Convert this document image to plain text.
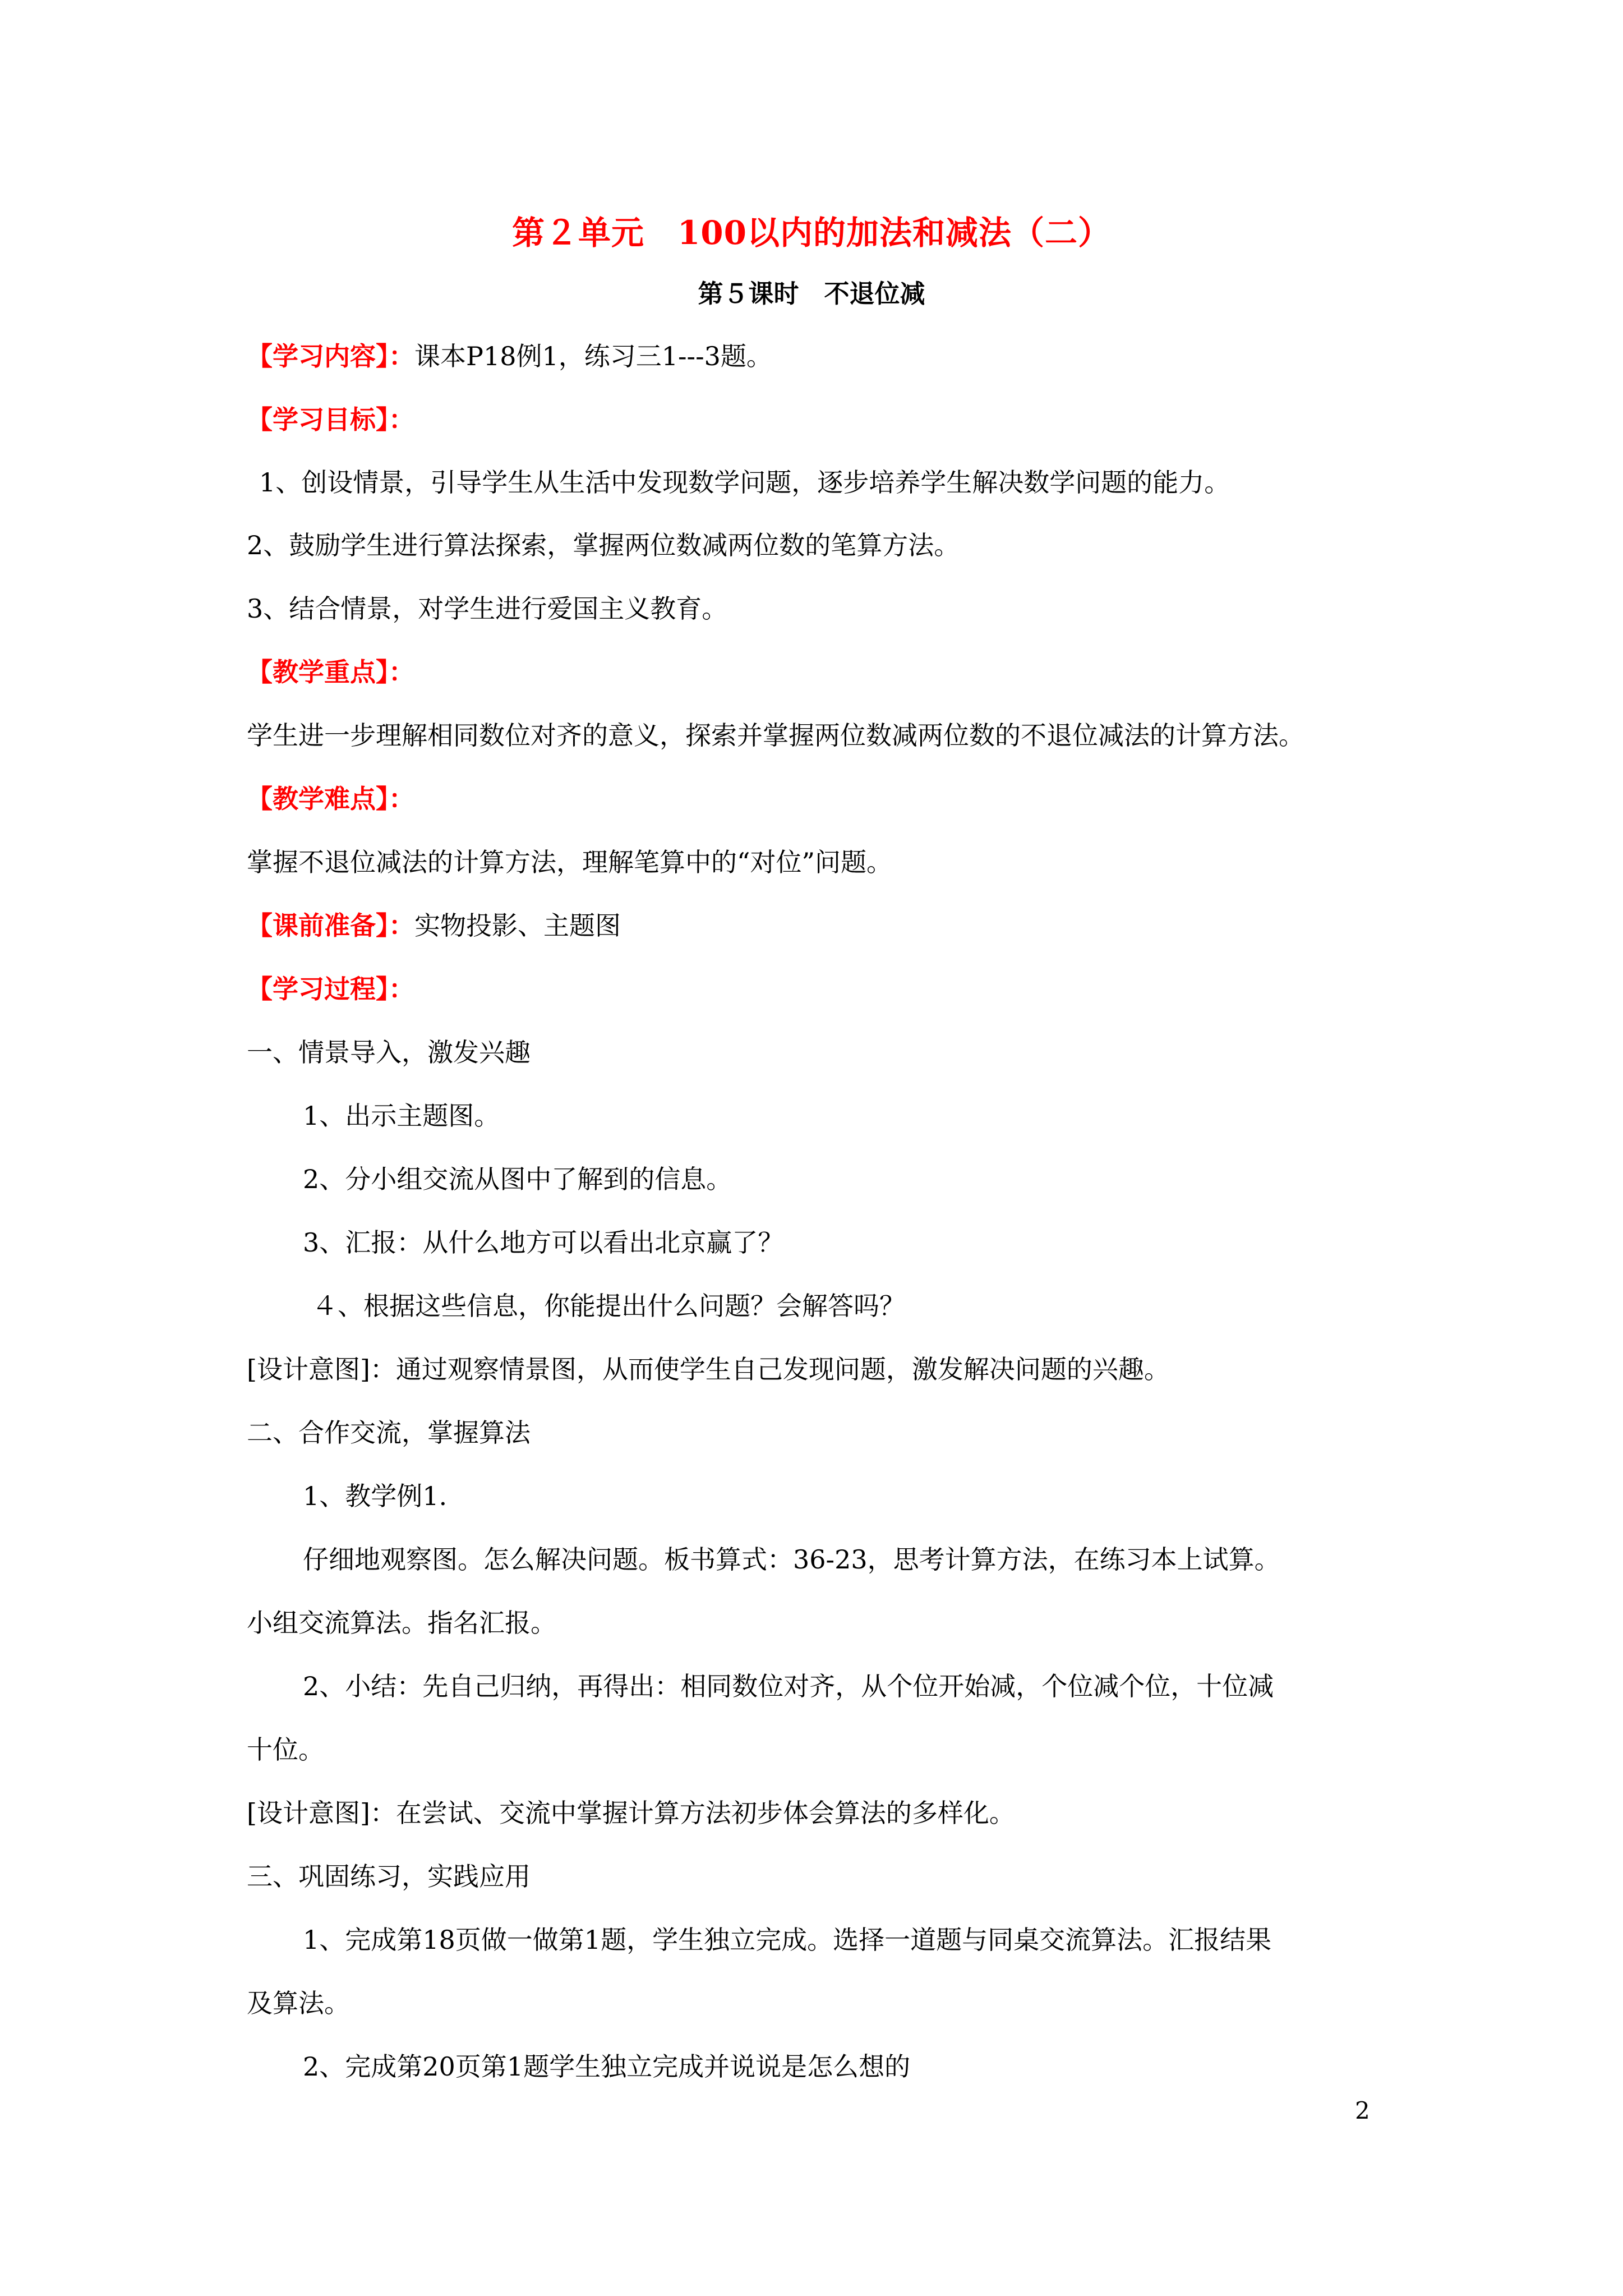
第２单元　100以内的加法和减法（二）
第５课时　不退位减
【学习内容】：课本P18例1，练习三1---3题。
【学习目标】：
1、创设情景，引导学生从生活中发现数学问题，逐步培养学生解决数学问题的能力。
2、鼓励学生进行算法探索，掌握两位数减两位数的笔算方法。
3、结合情景，对学生进行爱国主义教育。
【教学重点】：
学生进一步理解相同数位对齐的意义，探索并掌握两位数减两位数的不退位减法的计算方法。
【教学难点】：
掌握不退位减法的计算方法，理解笔算中的“对位”问题。
【课前准备】：实物投影、主题图
【学习过程】：
一、情景导入，激发兴趣
1、出示主题图。
2、分小组交流从图中了解到的信息。
3、汇报：从什么地方可以看出北京赢了？
４、根据这些信息，你能提出什么问题？会解答吗？
[设计意图]：通过观察情景图，从而使学生自己发现问题，激发解决问题的兴趣。
二、合作交流，掌握算法
1、教学例1.
仔细地观察图。怎么解决问题。板书算式：36-23，思考计算方法，在练习本上试算。
小组交流算法。指名汇报。
2、小结：先自己归纳，再得出：相同数位对齐，从个位开始减，个位减个位，十位减
十位。
[设计意图]：在尝试、交流中掌握计算方法初步体会算法的多样化。
三、巩固练习，实践应用
1、完成第18页做一做第1题，学生独立完成。选择一道题与同桌交流算法。汇报结果
及算法。
2、完成第20页第1题学生独立完成并说说是怎么想的
2
